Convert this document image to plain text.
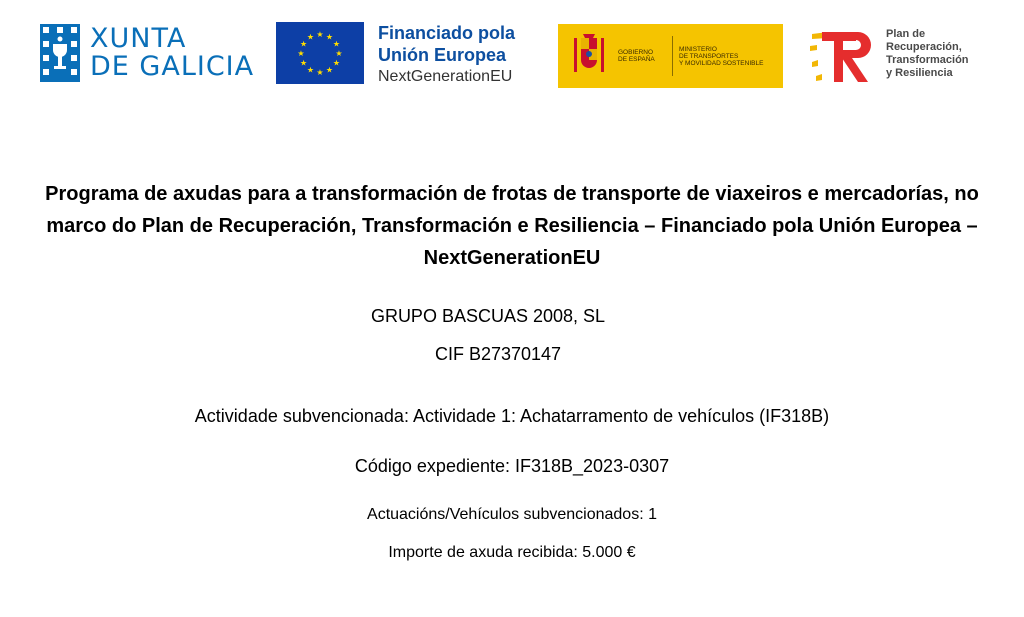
XUNTA
DE GALICIA
★ ★
★
★
★
★
★
★
★
★
★
★	Financiado pola
Unión Europea
NextGenerationEU
GOBIERNO
DE ESPAÑA
MINISTERIO
DE TRANSPORTES
Y MOVILIDAD SOSTENIBLE
Plan de
Recuperación,
Transformación
y Resiliencia
Programa de axudas para a transformación de frotas de transporte de viaxeiros e mercadorías, no marco do Plan de Recuperación, Transformación e Resiliencia – Financiado pola Unión Europea – NextGenerationEU
GRUPO BASCUAS 2008, SL
CIF B27370147
Actividade subvencionada: Actividade 1: Achatarramento de vehículos (IF318B)
Código expediente: IF318B_2023-0307
Actuacións/Vehículos subvencionados: 1
Importe de axuda recibida: 5.000 €
